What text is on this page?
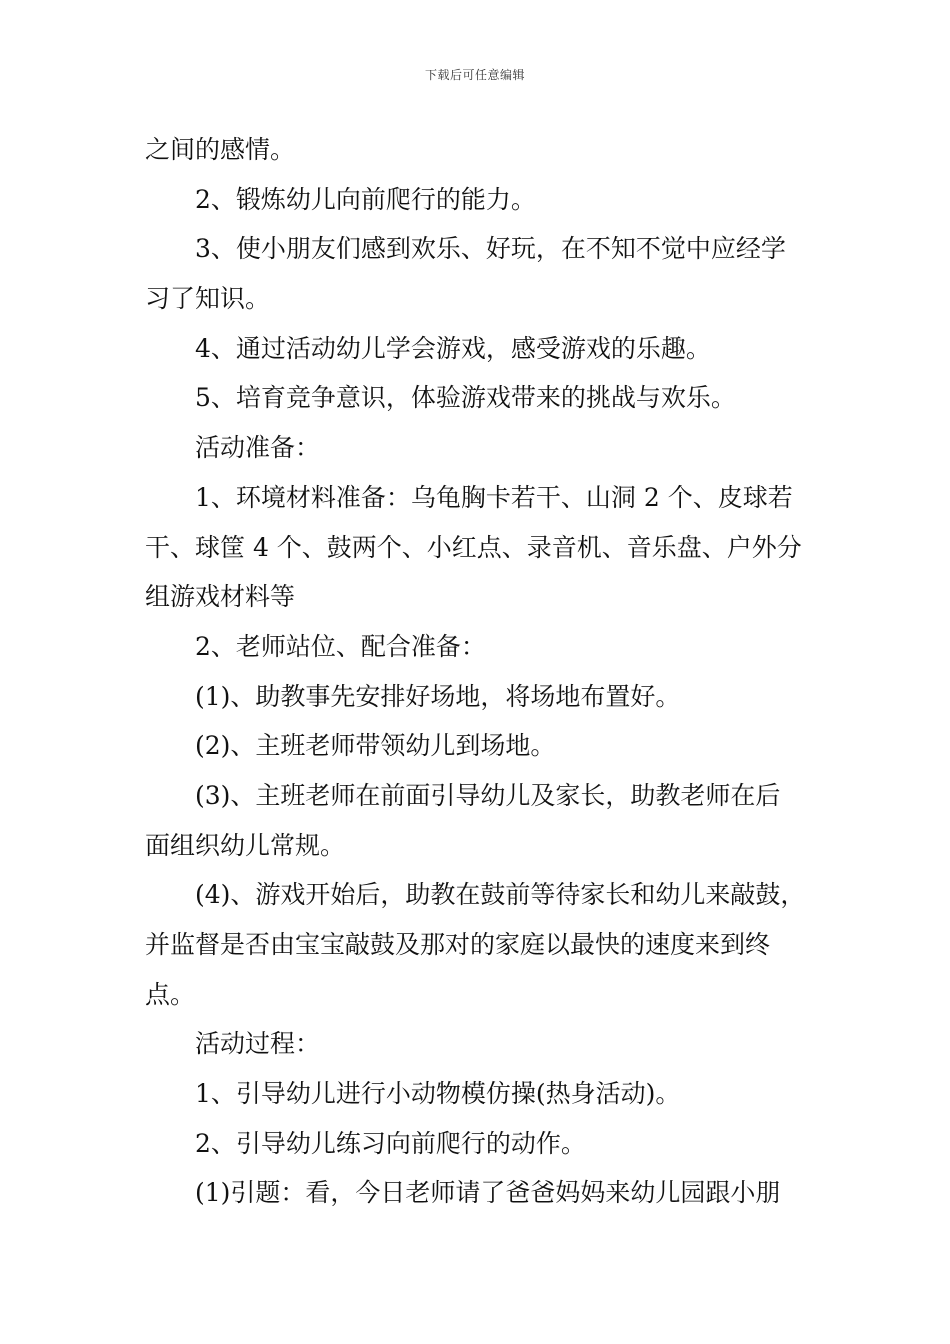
下载后可任意编辑
之间的感情。
2、锻炼幼儿向前爬行的能力。
3、使小朋友们感到欢乐、好玩，在不知不觉中应经学
习了知识。
4、通过活动幼儿学会游戏，感受游戏的乐趣。
5、培育竞争意识，体验游戏带来的挑战与欢乐。
活动准备：
1、环境材料准备：乌龟胸卡若干、山洞 2 个、皮球若
干、球筐 4 个、鼓两个、小红点、录音机、音乐盘、户外分
组游戏材料等
2、老师站位、配合准备：
(1)、助教事先安排好场地，将场地布置好。
(2)、主班老师带领幼儿到场地。
(3)、主班老师在前面引导幼儿及家长，助教老师在后
面组织幼儿常规。
(4)、游戏开始后，助教在鼓前等待家长和幼儿来敲鼓，
并监督是否由宝宝敲鼓及那对的家庭以最快的速度来到终
点。
活动过程：
1、引导幼儿进行小动物模仿操(热身活动)。
2、引导幼儿练习向前爬行的动作。
(1)引题：看，今日老师请了爸爸妈妈来幼儿园跟小朋
